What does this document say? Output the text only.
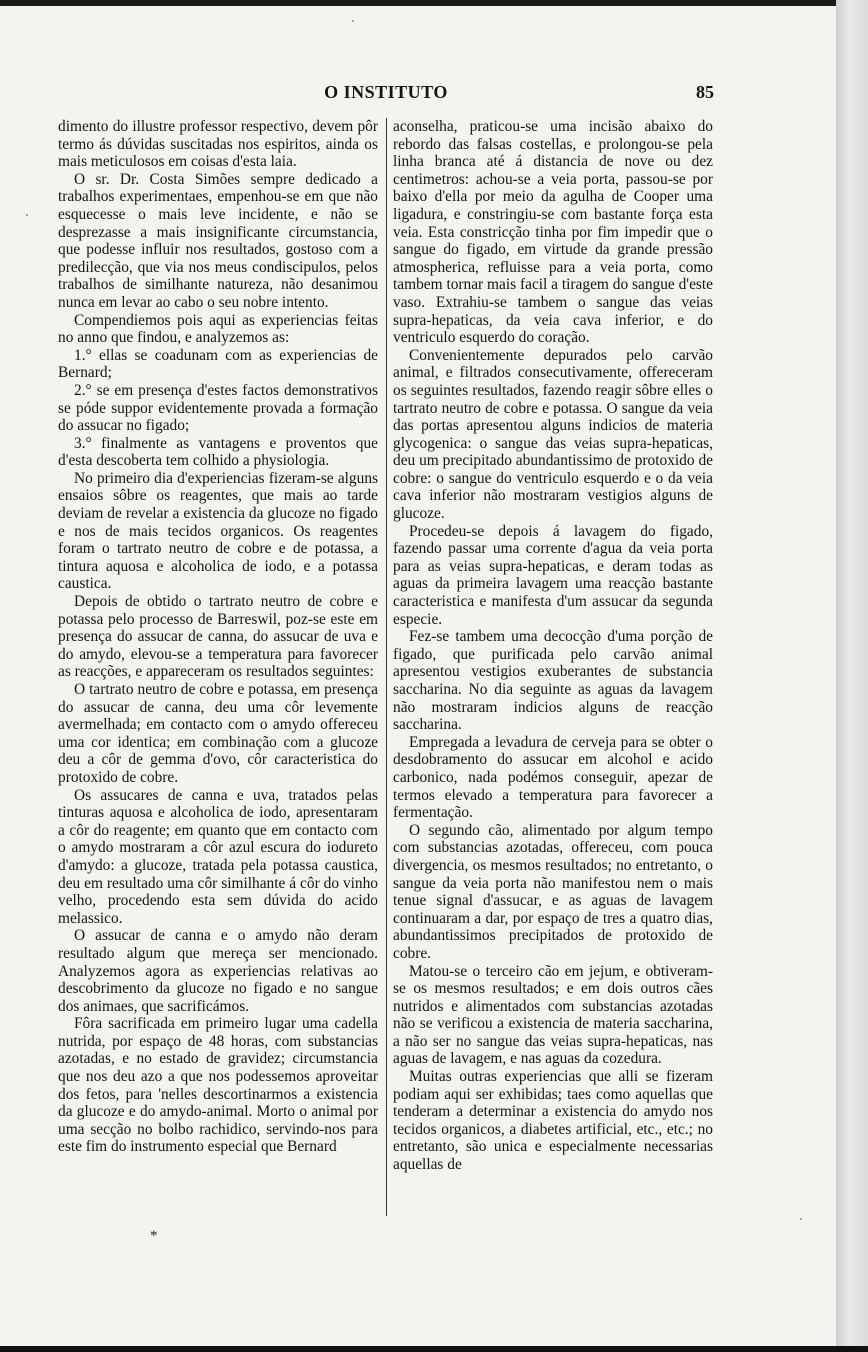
O INSTITUTO	85

dimento do illustre professor respectivo, devem pôr termo ás dúvidas suscitadas nos espiritos, ainda os mais meticulosos em coisas d'esta laia.

O sr. Dr. Costa Simões sempre dedicado a trabalhos experimentaes, empenhou-se em que não esquecesse o mais leve incidente, e não se desprezasse a mais insignificante circumstancia, que podesse influir nos resultados, gostoso com a predilecção, que via nos meus condiscipulos, pelos trabalhos de similhante natureza, não desanimou nunca em levar ao cabo o seu nobre intento.

Compendiemos pois aqui as experiencias feitas no anno que findou, e analyzemos as:

1.° ellas se coadunam com as experiencias de Bernard;

2.° se em presença d'estes factos demonstrativos se póde suppor evidentemente provada a formação do assucar no figado;

3.° finalmente as vantagens e proventos que d'esta descoberta tem colhido a physiologia.

No primeiro dia d'experiencias fizeram-se alguns ensaios sôbre os reagentes, que mais ao tarde deviam de revelar a existencia da glucoze no figado e nos de mais tecidos organicos. Os reagentes foram o tartrato neutro de cobre e de potassa, a tintura aquosa e alcoholica de iodo, e a potassa caustica.

Depois de obtido o tartrato neutro de cobre e potassa pelo processo de Barreswil, poz-se este em presença do assucar de canna, do assucar de uva e do amydo, elevou-se a temperatura para favorecer as reacções, e appareceram os resultados seguintes:

O tartrato neutro de cobre e potassa, em presença do assucar de canna, deu uma côr levemente avermelhada; em contacto com o amydo offereceu uma cor identica; em combinação com a glucoze deu a côr de gemma d'ovo, côr caracteristica do protoxido de cobre.

Os assucares de canna e uva, tratados pelas tinturas aquosa e alcoholica de iodo, apresentaram a côr do reagente; em quanto que em contacto com o amydo mostraram a côr azul escura do iodureto d'amydo: a glucoze, tratada pela potassa caustica, deu em resultado uma côr similhante á côr do vinho velho, procedendo esta sem dúvida do acido melassico.

O assucar de canna e o amydo não deram resultado algum que mereça ser mencionado. Analyzemos agora as experiencias relativas ao descobrimento da glucoze no figado e no sangue dos animaes, que sacrificámos.

Fôra sacrificada em primeiro lugar uma cadella nutrida, por espaço de 48 horas, com substancias azotadas, e no estado de gravidez; circumstancia que nos deu azo a que nos podessemos aproveitar dos fetos, para 'nelles descortinarmos a existencia da glucoze e do amydo-animal. Morto o animal por uma secção no bolbo rachidico, servindo-nos para este fim do instrumento especial que Bernard

aconselha, praticou-se uma incisão abaixo do rebordo das falsas costellas, e prolongou-se pela linha branca até á distancia de nove ou dez centimetros: achou-se a veia porta, passou-se por baixo d'ella por meio da agulha de Cooper uma ligadura, e constringiu-se com bastante força esta veia. Esta constricção tinha por fim impedir que o sangue do figado, em virtude da grande pressão atmospherica, refluisse para a veia porta, como tambem tornar mais facil a tiragem do sangue d'este vaso. Extrahiu-se tambem o sangue das veias supra-hepaticas, da veia cava inferior, e do ventriculo esquerdo do coração.

Convenientemente depurados pelo carvão animal, e filtrados consecutivamente, offereceram os seguintes resultados, fazendo reagir sôbre elles o tartrato neutro de cobre e potassa. O sangue da veia das portas apresentou alguns indicios de materia glycogenica: o sangue das veias supra-hepaticas, deu um precipitado abundantissimo de protoxido de cobre: o sangue do ventriculo esquerdo e o da veia cava inferior não mostraram vestigios alguns de glucoze.

Procedeu-se depois á lavagem do figado, fazendo passar uma corrente d'agua da veia porta para as veias supra-hepaticas, e deram todas as aguas da primeira lavagem uma reacção bastante caracteristica e manifesta d'um assucar da segunda especie.

Fez-se tambem uma decocção d'uma porção de figado, que purificada pelo carvão animal apresentou vestigios exuberantes de substancia saccharina. No dia seguinte as aguas da lavagem não mostraram indicios alguns de reacção saccharina.

Empregada a levadura de cerveja para se obter o desdobramento do assucar em alcohol e acido carbonico, nada podémos conseguir, apezar de termos elevado a temperatura para favorecer a fermentação.

O segundo cão, alimentado por algum tempo com substancias azotadas, offereceu, com pouca divergencia, os mesmos resultados; no entretanto, o sangue da veia porta não manifestou nem o mais tenue signal d'assucar, e as aguas de lavagem continuaram a dar, por espaço de tres a quatro dias, abundantissimos precipitados de protoxido de cobre.

Matou-se o terceiro cão em jejum, e obtiveram-se os mesmos resultados; e em dois outros cães nutridos e alimentados com substancias azotadas não se verificou a existencia de materia saccharina, a não ser no sangue das veias supra-hepaticas, nas aguas de lavagem, e nas aguas da cozedura.

Muitas outras experiencias que alli se fizeram podiam aqui ser exhibidas; taes como aquellas que tenderam a determinar a existencia do amydo nos tecidos organicos, a diabetes artificial, etc., etc.; no entretanto, são unica e especialmente necessarias aquellas de

*
